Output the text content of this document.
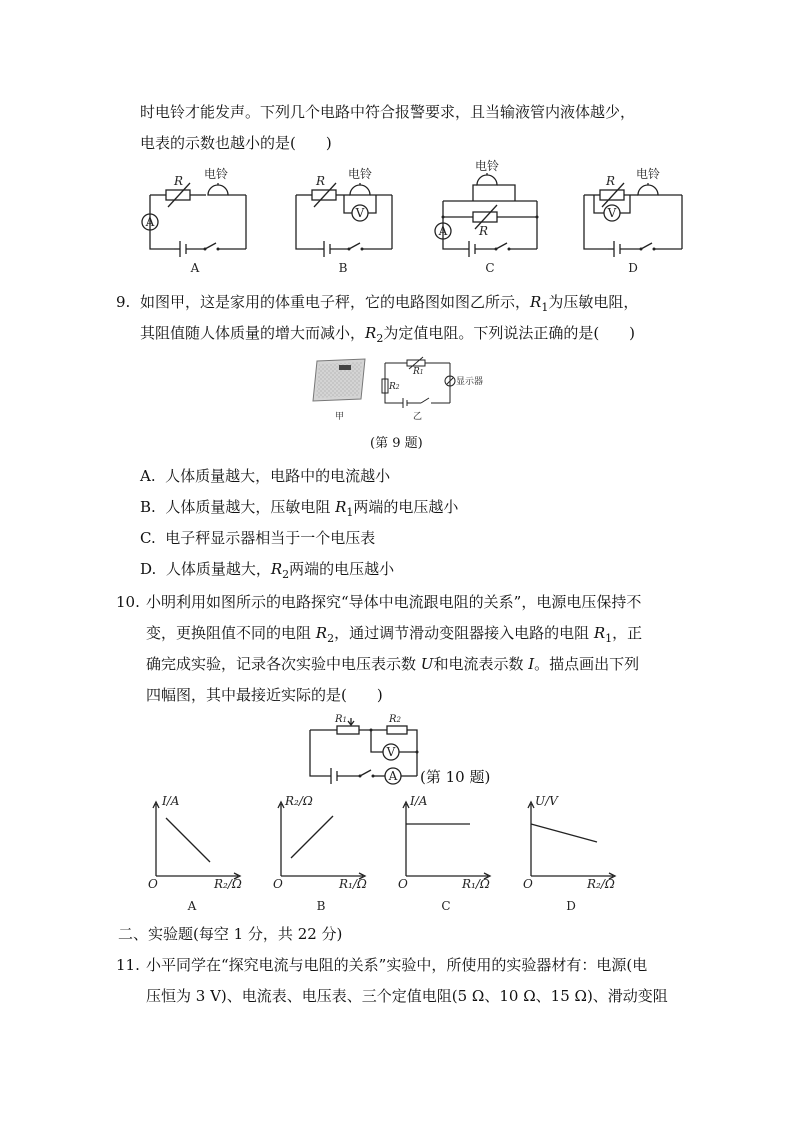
时电铃才能发声。下列几个电路中符合报警要求，且当输液管内液体越少，
电表的示数也越小的是(　　)
A
R 电铃
A
V
R 电铃
B
A	R
电铃
C
V
R 电铃
D
9. 如图甲，这是家用的体重电子秤，它的电路图如图乙所示，$R_1$为压敏电阻，
其阻值随人体质量的增大而减小，$R_2$为定值电阻。下列说法正确的是(　　)
甲
R1
R2
显示器
乙
(第 9 题)
A. 人体质量越大，电路中的电流越小
B. 人体质量越大，压敏电阻 $R_1$两端的电压越小
C. 电子秤显示器相当于一个电压表
D. 人体质量越大，$R_2$两端的电压越小
10. 小明利用如图所示的电路探究“导体中电流跟电阻的关系”，电源电压保持不
变，更换阻值不同的电阻 $R_2$，通过调节滑动变阻器接入电路的电阻 $R_1$，正
确完成实验，记录各次实验中电压表示数 U和电流表示数 I。描点画出下列
四幅图，其中最接近实际的是(　　)
V
A
R1	R2
(第 10 题)
I/A
R₂/Ω
O
A
R₂/Ω
R₁/Ω
O
B
I/A
R₁/Ω
O
C
U/V
R₂/Ω
O
D
二、实验题(每空 1 分，共 22 分)
11. 小平同学在“探究电流与电阻的关系”实验中，所使用的实验器材有：电源(电
压恒为 3 V)、电流表、电压表、三个定值电阻(5 Ω、10 Ω、15 Ω)、滑动变阻
